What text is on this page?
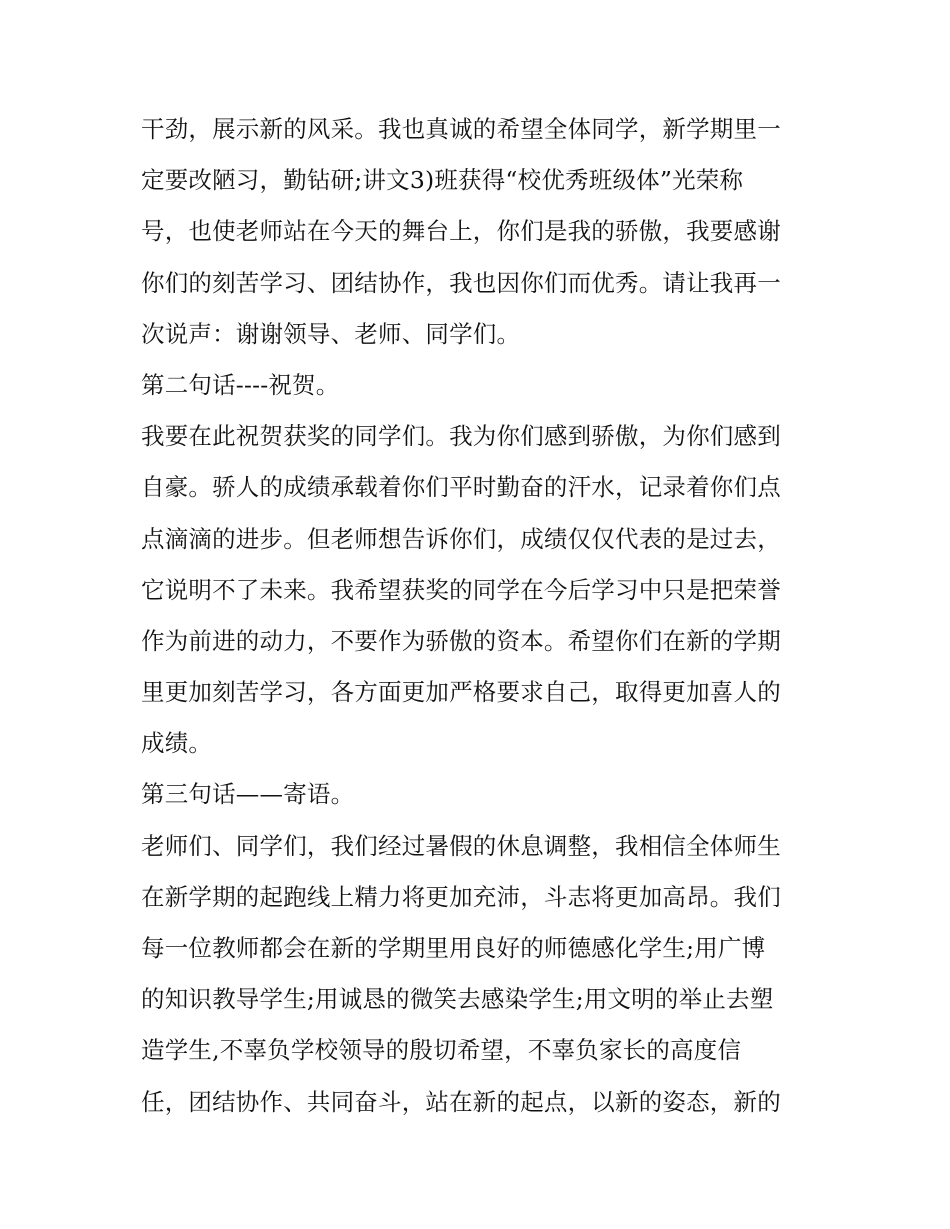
干劲，展示新的风采。我也真诚的希望全体同学，新学期里一
定要改陋习，勤钻研;讲文3)班获得“校优秀班级体”光荣称
号，也使老师站在今天的舞台上，你们是我的骄傲，我要感谢
你们的刻苦学习、团结协作，我也因你们而优秀。请让我再一
次说声：谢谢领导、老师、同学们。
第二句话----祝贺。
我要在此祝贺获奖的同学们。我为你们感到骄傲，为你们感到
自豪。骄人的成绩承载着你们平时勤奋的汗水，记录着你们点
点滴滴的进步。但老师想告诉你们，成绩仅仅代表的是过去，
它说明不了未来。我希望获奖的同学在今后学习中只是把荣誉
作为前进的动力，不要作为骄傲的资本。希望你们在新的学期
里更加刻苦学习，各方面更加严格要求自己，取得更加喜人的
成绩。
第三句话——寄语。
老师们、同学们，我们经过暑假的休息调整，我相信全体师生
在新学期的起跑线上精力将更加充沛，斗志将更加高昂。我们
每一位教师都会在新的学期里用良好的师德感化学生;用广博
的知识教导学生;用诚恳的微笑去感染学生;用文明的举止去塑
造学生,不辜负学校领导的殷切希望，不辜负家长的高度信
任，团结协作、共同奋斗，站在新的起点，以新的姿态，新的
